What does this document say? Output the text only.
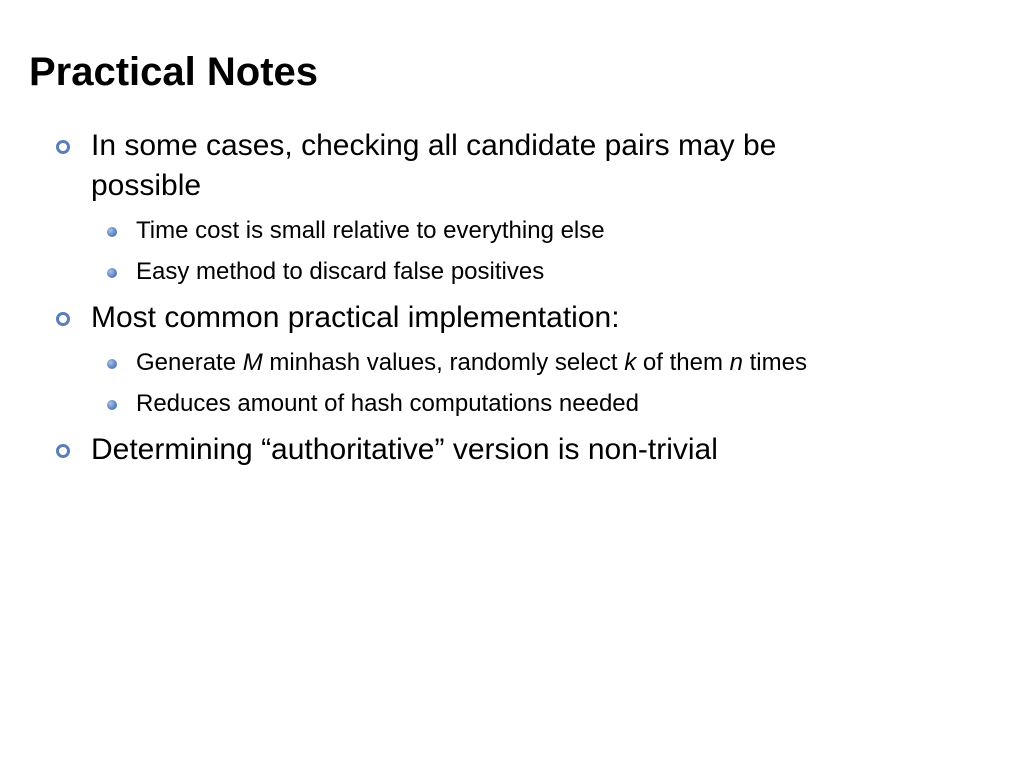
Practical Notes
In some cases, checking all candidate pairs may be
possible
Time cost is small relative to everything else
Easy method to discard false positives
Most common practical implementation:
Generate M minhash values, randomly select k of them n times
Reduces amount of hash computations needed
Determining “authoritative” version is non-trivial
